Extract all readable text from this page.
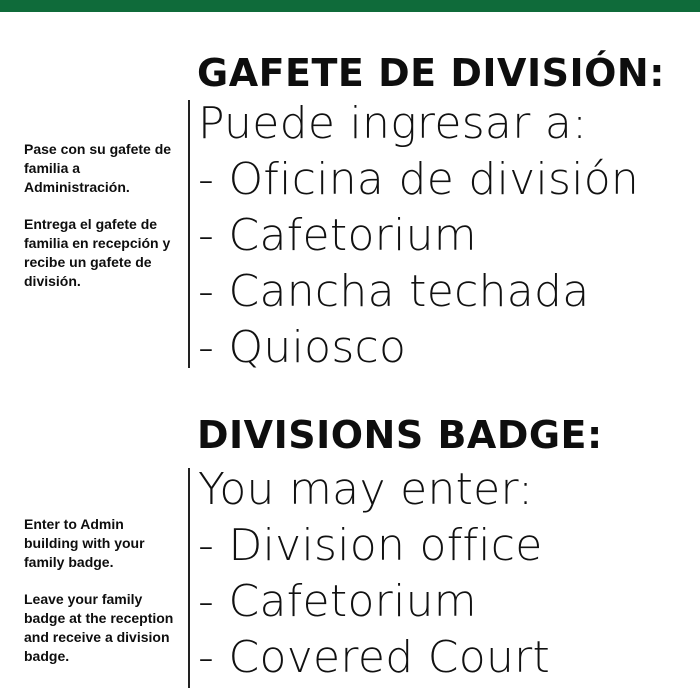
GAFETE DE DIVISIÓN:

Pase con su gafete de familia a Administración.

Entrega el gafete de familia en recepción y recibe un gafete de división.

Puede ingresar a:
- Oficina de división
- Cafetorium
- Cancha techada
- Quiosco
DIVISIONS BADGE:

Enter to Admin building with your family badge.

Leave your family badge at the reception and receive a division badge.

You may enter:
- Division office
- Cafetorium
- Covered Court
